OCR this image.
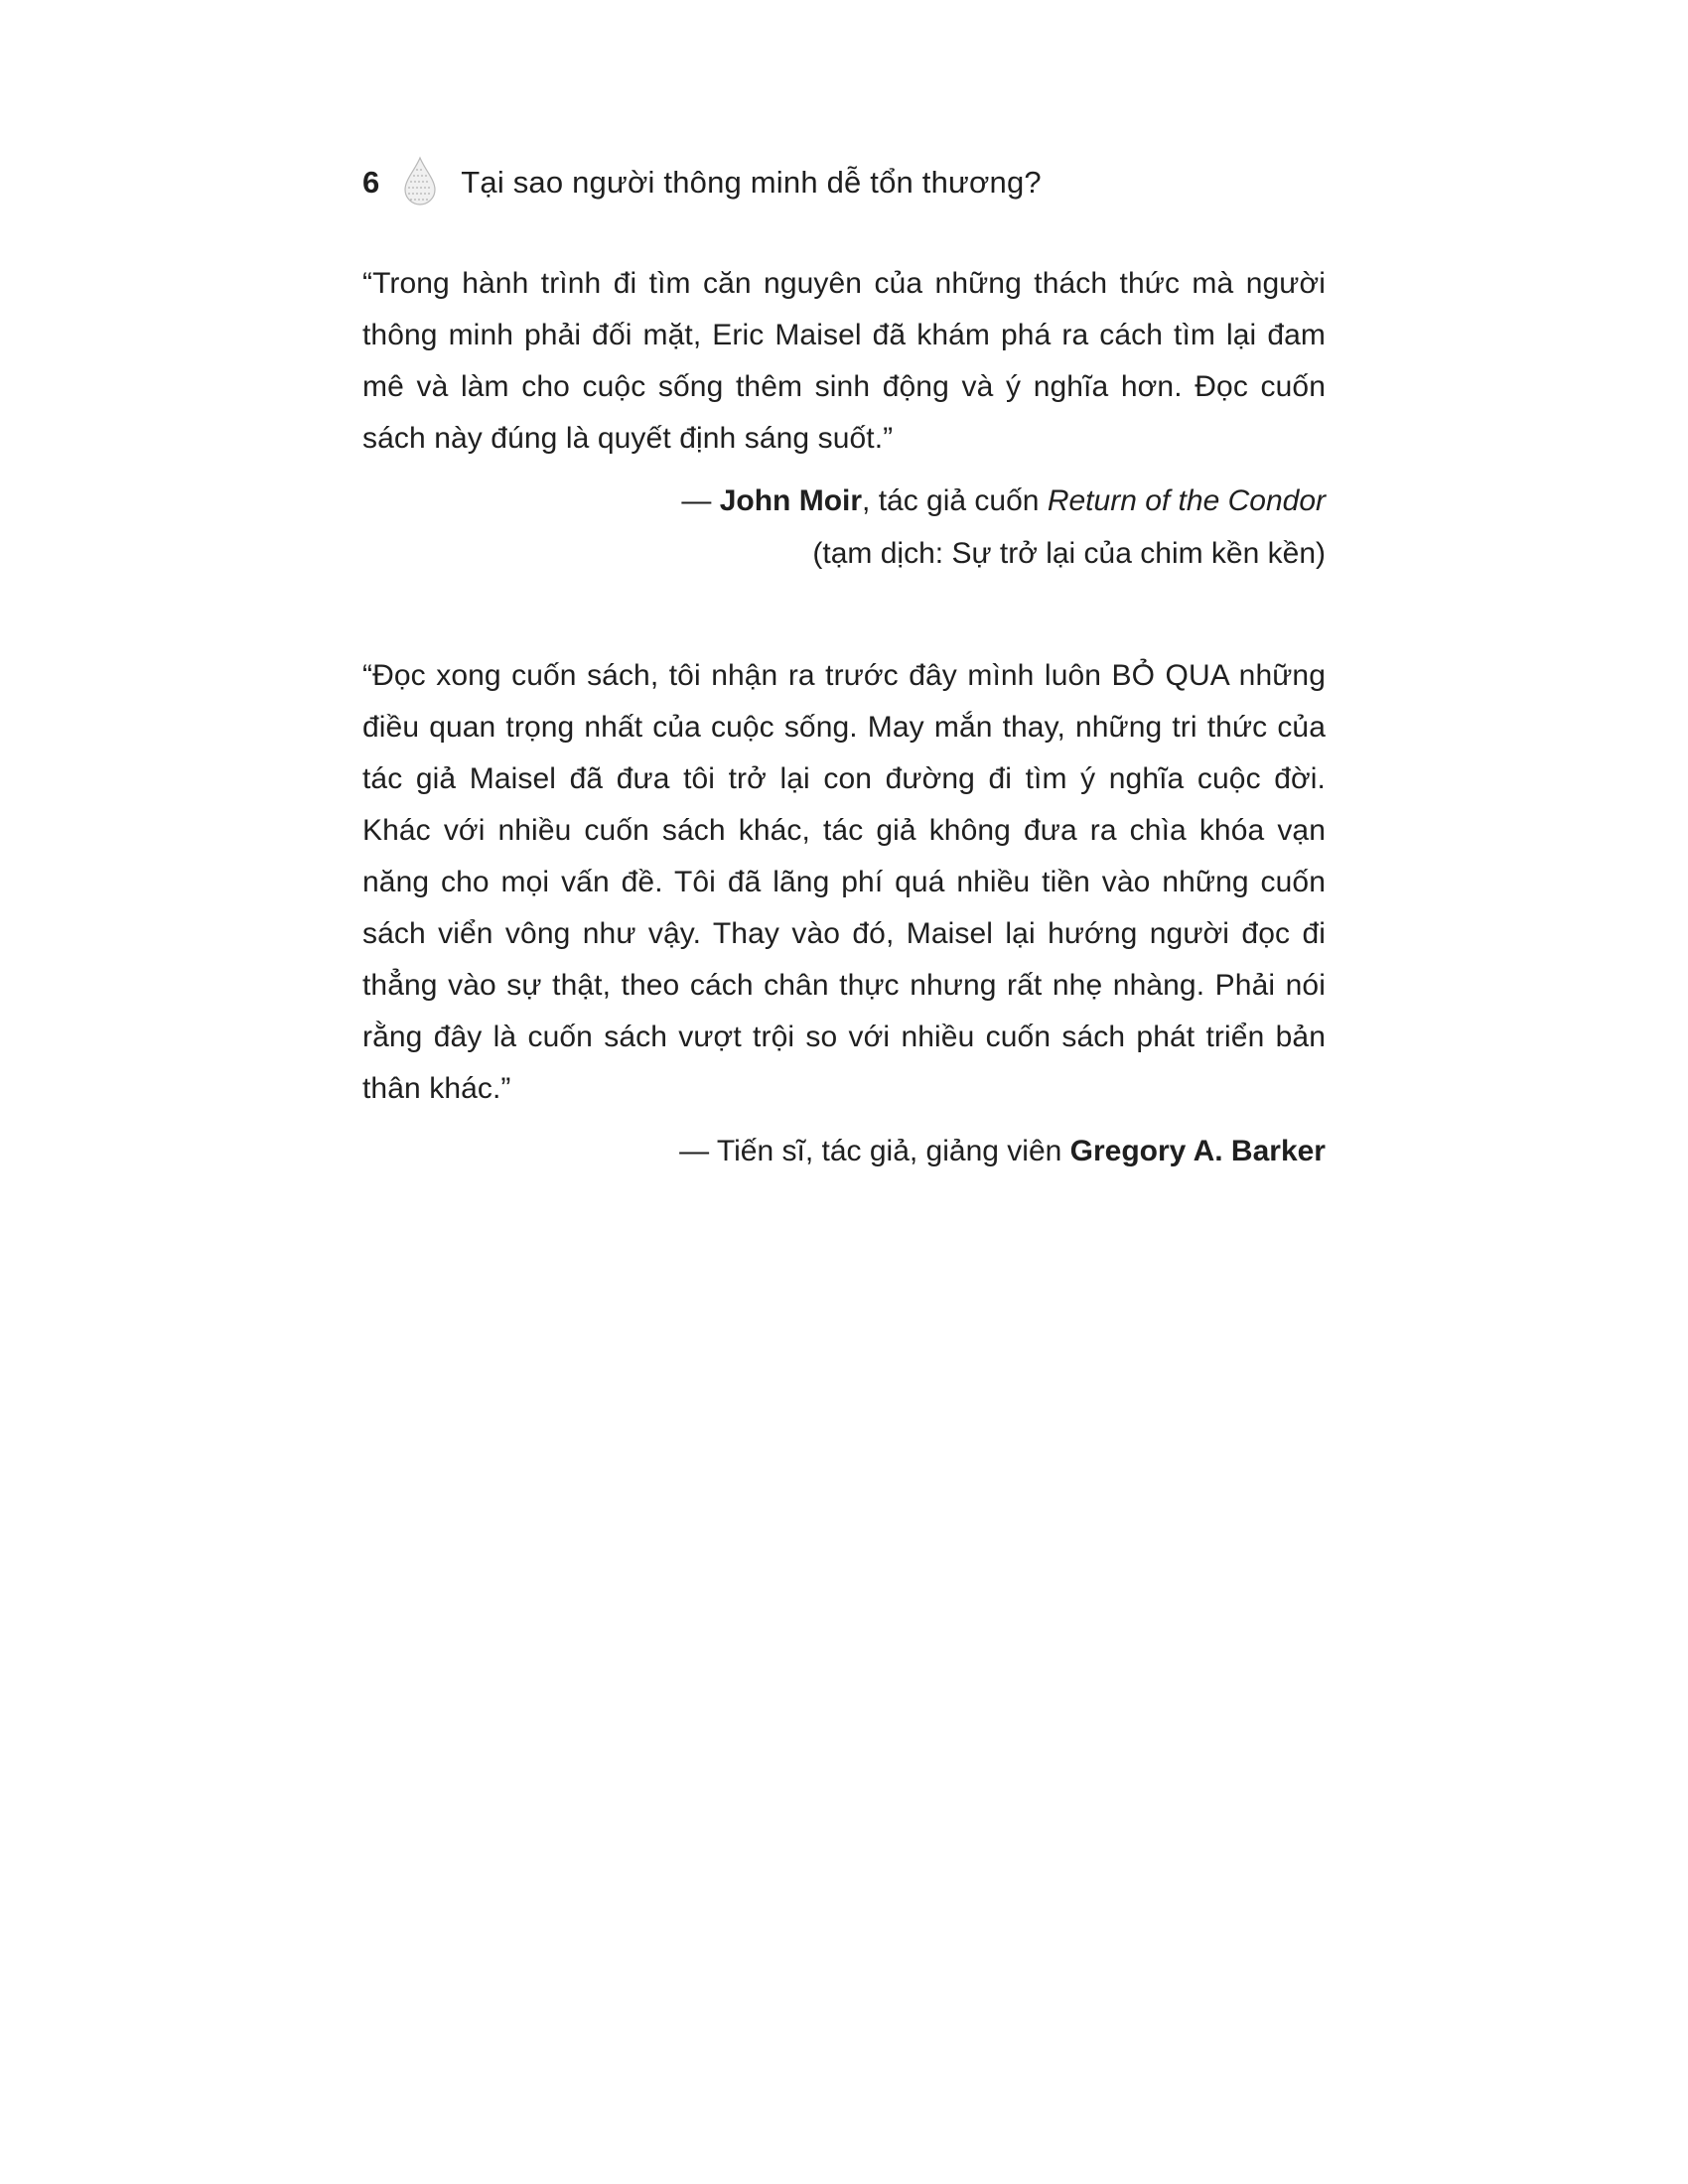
6	Tại sao người thông minh dễ tổn thương?

“Trong hành trình đi tìm căn nguyên của những thách thức mà người thông minh phải đối mặt, Eric Maisel đã khám phá ra cách tìm lại đam mê và làm cho cuộc sống thêm sinh động và ý nghĩa hơn. Đọc cuốn sách này đúng là quyết định sáng suốt.”

— John Moir, tác giả cuốn Return of the Condor
(tạm dịch: Sự trở lại của chim kền kền)

“Đọc xong cuốn sách, tôi nhận ra trước đây mình luôn BỎ QUA những điều quan trọng nhất của cuộc sống. May mắn thay, những tri thức của tác giả Maisel đã đưa tôi trở lại con đường đi tìm ý nghĩa cuộc đời. Khác với nhiều cuốn sách khác, tác giả không đưa ra chìa khóa vạn năng cho mọi vấn đề. Tôi đã lãng phí quá nhiều tiền vào những cuốn sách viển vông như vậy. Thay vào đó, Maisel lại hướng người đọc đi thẳng vào sự thật, theo cách chân thực nhưng rất nhẹ nhàng. Phải nói rằng đây là cuốn sách vượt trội so với nhiều cuốn sách phát triển bản thân khác.”

— Tiến sĩ, tác giả, giảng viên Gregory A. Barker
